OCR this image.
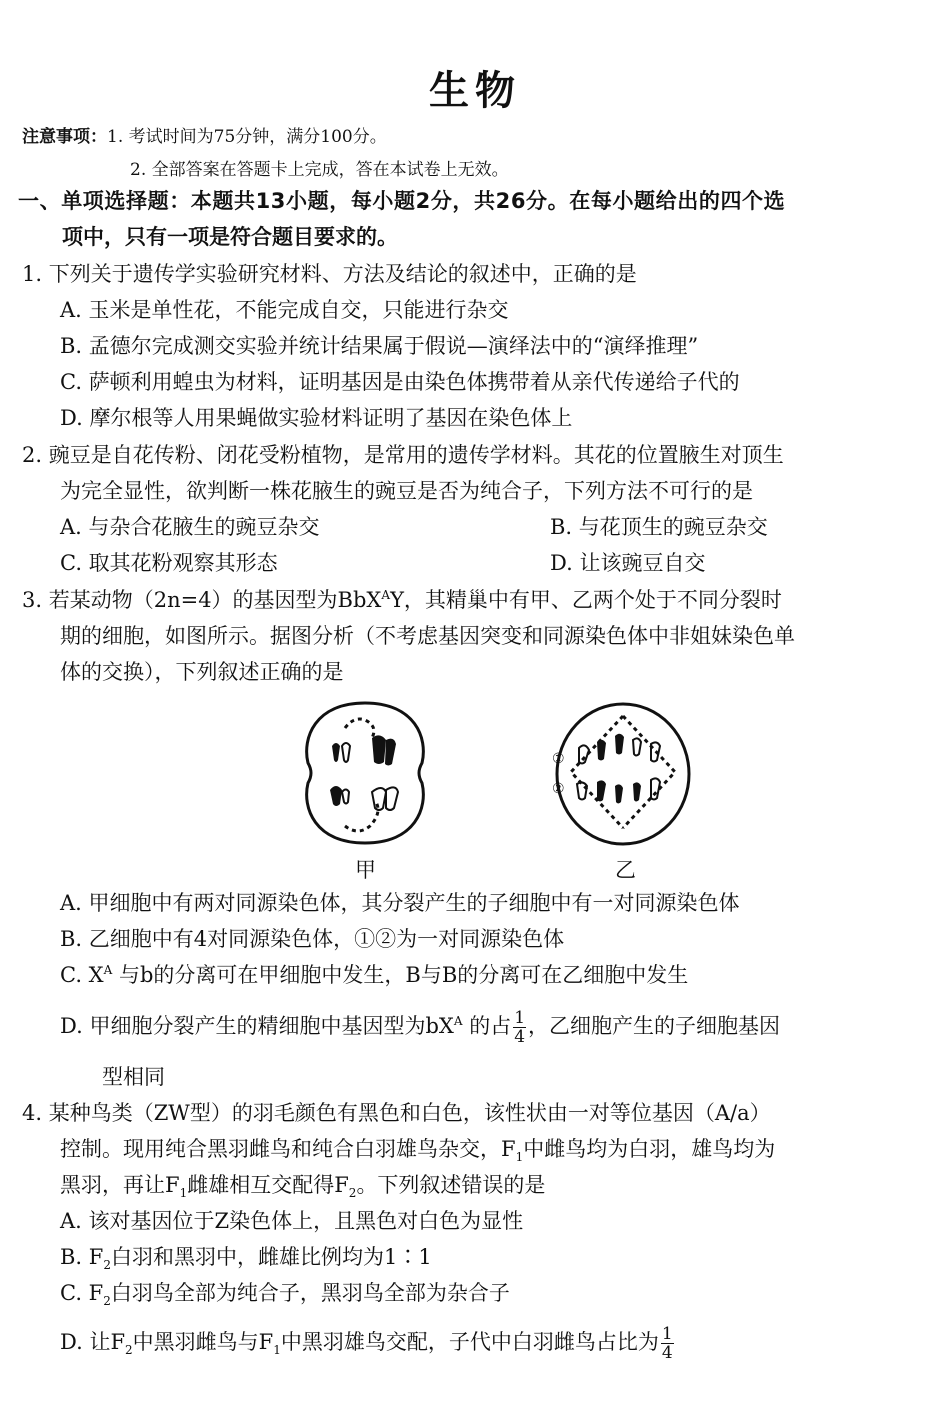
生物
注意事项：1. 考试时间为75分钟，满分100分。
2. 全部答案在答题卡上完成，答在本试卷上无效。
一、单项选择题：本题共13小题，每小题2分，共26分。在每小题给出的四个选
项中，只有一项是符合题目要求的。
1. 下列关于遗传学实验研究材料、方法及结论的叙述中，正确的是
A. 玉米是单性花，不能完成自交，只能进行杂交
B. 孟德尔完成测交实验并统计结果属于假说—演绎法中的“演绎推理”
C. 萨顿利用蝗虫为材料，证明基因是由染色体携带着从亲代传递给子代的
D. 摩尔根等人用果蝇做实验材料证明了基因在染色体上
2. 豌豆是自花传粉、闭花受粉植物，是常用的遗传学材料。其花的位置腋生对顶生
为完全显性，欲判断一株花腋生的豌豆是否为纯合子，下列方法不可行的是
A. 与杂合花腋生的豌豆杂交	B. 与花顶生的豌豆杂交
C. 取其花粉观察其形态	D. 让该豌豆自交
3. 若某动物（2n=4）的基因型为BbX$^A$Y，其精巢中有甲、乙两个处于不同分裂时
期的细胞，如图所示。据图分析（不考虑基因突变和同源染色体中非姐妹染色单
体的交换），下列叙述正确的是
甲
①
②
乙
A. 甲细胞中有两对同源染色体，其分裂产生的子细胞中有一对同源染色体
B. 乙细胞中有4对同源染色体，①②为一对同源染色体
C. $X^A$ 与b的分离可在甲细胞中发生，B与B的分离可在乙细胞中发生
D. 甲细胞分裂产生的精细胞中基因型为$bX^A$ 的占 $\frac{1}{4}$ ，乙细胞产生的子细胞基因
型相同
4. 某种鸟类（ZW型）的羽毛颜色有黑色和白色，该性状由一对等位基因（A/a）
控制。现用纯合黑羽雌鸟和纯合白羽雄鸟杂交，$F_1$中雌鸟均为白羽，雄鸟均为
黑羽，再让$F_1$雌雄相互交配得$F_2$。下列叙述错误的是
A. 该对基因位于Z染色体上，且黑色对白色为显性
B. $F_2$白羽和黑羽中，雌雄比例均为1∶1
C. $F_2$白羽鸟全部为纯合子，黑羽鸟全部为杂合子
D. 让$F_2$中黑羽雌鸟与$F_1$中黑羽雄鸟交配，子代中白羽雌鸟占比为 $\frac{1}{4}$
